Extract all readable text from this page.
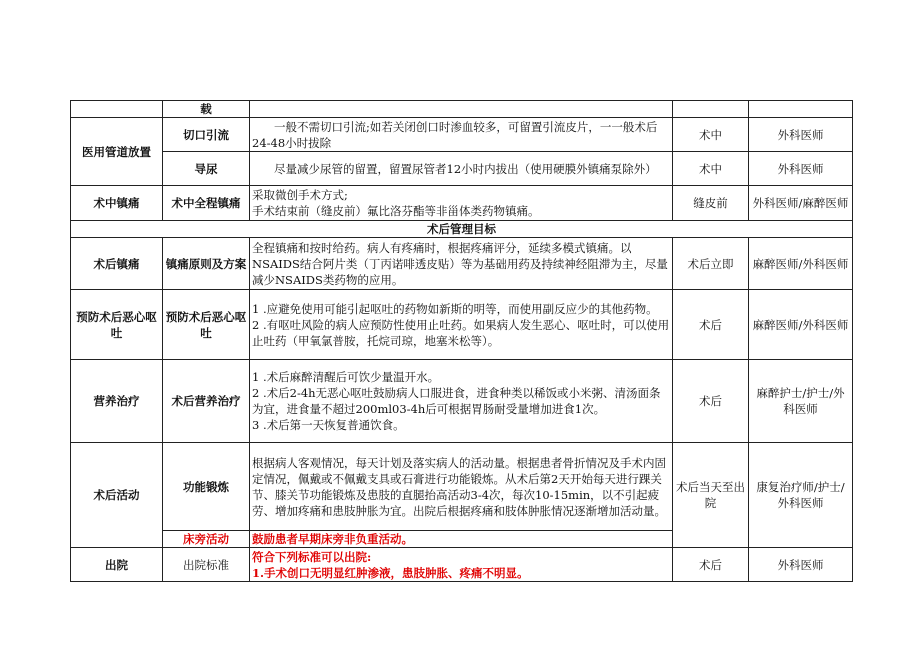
	载			
医用管道放置	切口引流	一般不需切口引流;如若关闭创口时渗血较多，可留置引流皮片，一一般术后24-48小时拔除	术中	外科医师
	导尿	尽量减少尿管的留置，留置尿管者12小时内拔出（使用硬膜外镇痛泵除外）	术中	外科医师
术中镇痛	术中全程镇痛	采取微创手术方式;
手术结束前（缝皮前）氟比洛芬酯等非甾体类药物镇痛。	缝皮前	外科医师/麻醉医师
术后管理目标				
术后镇痛	镇痛原则及方案	全程镇痛和按时给药。病人有疼痛时，根据疼痛评分，延续多模式镇痛。以NSAIDS结合阿片类（丁丙诺啡透皮贴）等为基础用药及持续神经阻滞为主，尽量减少NSAIDS类药物的应用。	术后立即	麻醉医师/外科医师
预防术后恶心呕吐	预防术后恶心呕吐	1 .应避免使用可能引起呕吐的药物如新斯的明等，而使用副反应少的其他药物。
2 .有呕吐风险的病人应预防性使用止吐药。如果病人发生恶心、呕吐时，可以使用止吐药（甲氧氯普胺，托烷司琼，地塞米松等）。	术后	麻醉医师/外科医师
营养治疗	术后营养治疗	1 .术后麻醉清醒后可饮少量温开水。
2 .术后2-4h无恶心呕吐鼓励病人口服进食，进食种类以稀饭或小米粥、清汤面条为宜，进食量不超过200ml03-4h后可根据胃肠耐受量增加进食1次。
3 .术后第一天恢复普通饮食。	术后	麻醉护士/护士/外科医师
术后活动	功能锻炼	根据病人客观情况，每天计划及落实病人的活动量。根据患者骨折情况及手术内固定情况，佩戴或不佩戴支具或石膏进行功能锻炼。从术后第2天开始每天进行踝关节、膝关节功能锻炼及患肢的直腿抬高活动3-4次，每次10-15min，以不引起疲劳、增加疼痛和患肢肿胀为宜。出院后根据疼痛和肢体肿胀情况逐渐增加活动量。	术后当天至出院	康复治疗师/护士/外科医师
	床旁活动	鼓励患者早期床旁非负重活动。		
出院	出院标准	符合下列标准可以出院:
1.手术创口无明显红肿渗液，患肢肿胀、疼痛不明显。	术后	外科医师
